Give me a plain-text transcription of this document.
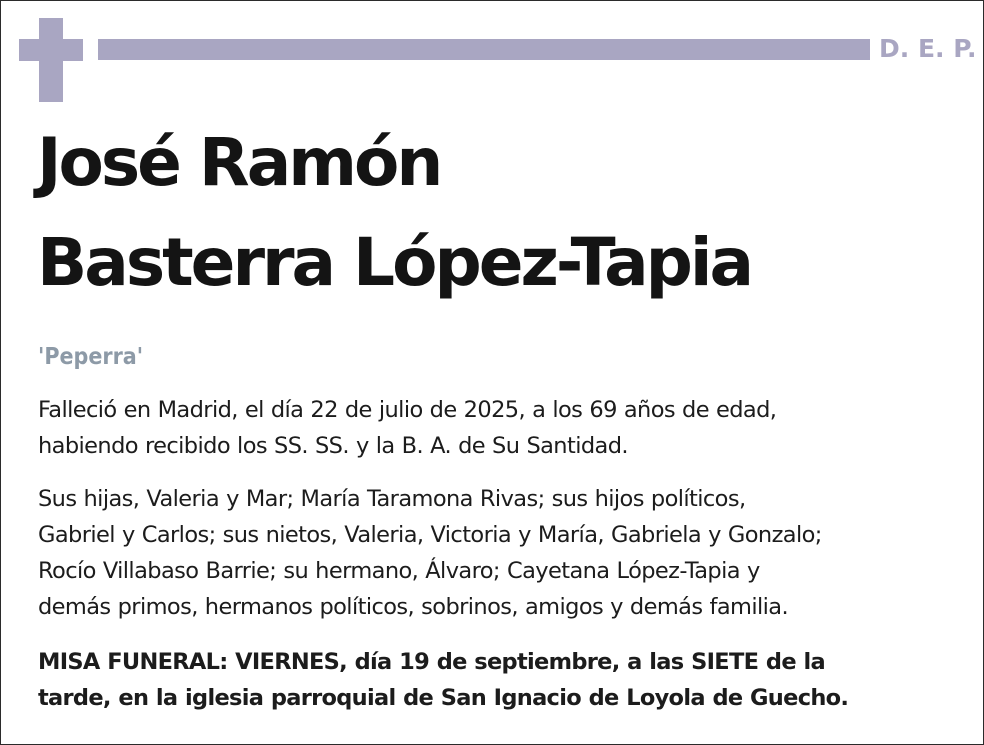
D. E. P.
José Ramón
Basterra López-Tapia
'Peperra'

Falleció en Madrid, el día 22 de julio de 2025, a los 69 años de edad,
habiendo recibido los SS. SS. y la B. A. de Su Santidad.

Sus hijas, Valeria y Mar; María Taramona Rivas; sus hijos políticos,
Gabriel y Carlos; sus nietos, Valeria, Victoria y María, Gabriela y Gonzalo;
Rocío Villabaso Barrie; su hermano, Álvaro; Cayetana López-Tapia y
demás primos, hermanos políticos, sobrinos, amigos y demás familia.

MISA FUNERAL: VIERNES, día 19 de septiembre, a las SIETE de la
tarde, en la iglesia parroquial de San Ignacio de Loyola de Guecho.
